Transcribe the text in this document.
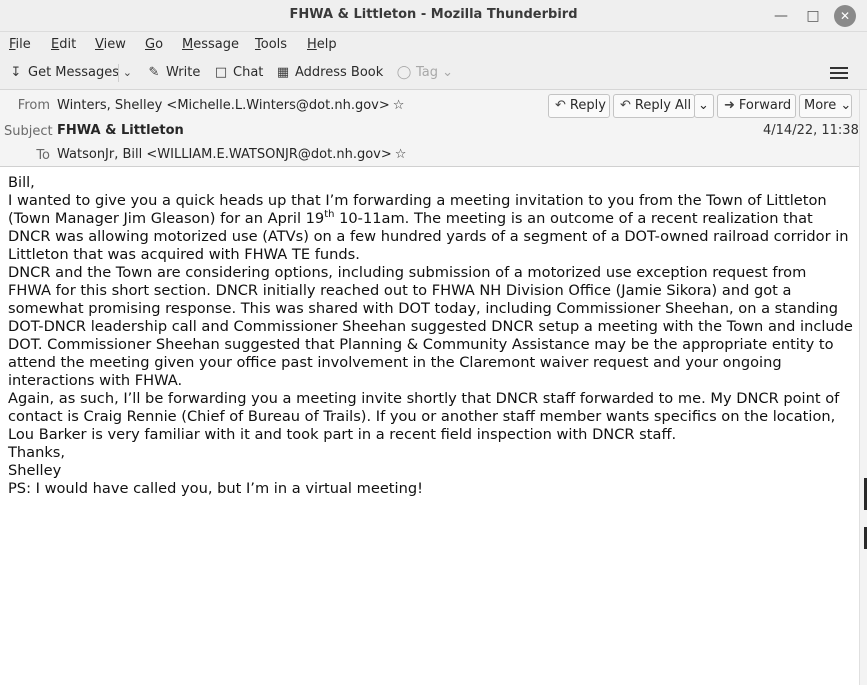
FHWA & Littleton - Mozilla Thunderbird	—	□	✕
File Edit View Go Message Tools Help
↧ Get Messages ✎ Write □ Chat ▦ Address Book ◯ Tag ⌄
⌄
From Winters, Shelley <Michelle.L.Winters@dot.nh.gov> ☆
Subject FHWA & Littleton
To WatsonJr, Bill <WILLIAM.E.WATSONJR@dot.nh.gov> ☆
↶ Reply	↶ Reply All ⌄	➜ Forward More ⌄
4/14/22, 11:38

Bill,

I wanted to give you a quick heads up that I’m forwarding a meeting invitation to you from the Town of Littleton (Town Manager Jim Gleason) for an April 19th 10-11am. The meeting is an outcome of a recent realization that DNCR was allowing motorized use (ATVs) on a few hundred yards of a segment of a DOT-owned railroad corridor in Littleton that was acquired with FHWA TE funds.

DNCR and the Town are considering options, including submission of a motorized use exception request from FHWA for this short section. DNCR initially reached out to FHWA NH Division Office (Jamie Sikora) and got a somewhat promising response. This was shared with DOT today, including Commissioner Sheehan, on a standing DOT-DNCR leadership call and Commissioner Sheehan suggested DNCR setup a meeting with the Town and include DOT. Commissioner Sheehan suggested that Planning & Community Assistance may be the appropriate entity to attend the meeting given your office past involvement in the Claremont waiver request and your ongoing interactions with FHWA.

Again, as such, I’ll be forwarding you a meeting invite shortly that DNCR staff forwarded to me. My DNCR point of contact is Craig Rennie (Chief of Bureau of Trails). If you or another staff member wants specifics on the location, Lou Barker is very familiar with it and took part in a recent field inspection with DNCR staff.

Thanks,

Shelley

PS: I would have called you, but I’m in a virtual meeting!
